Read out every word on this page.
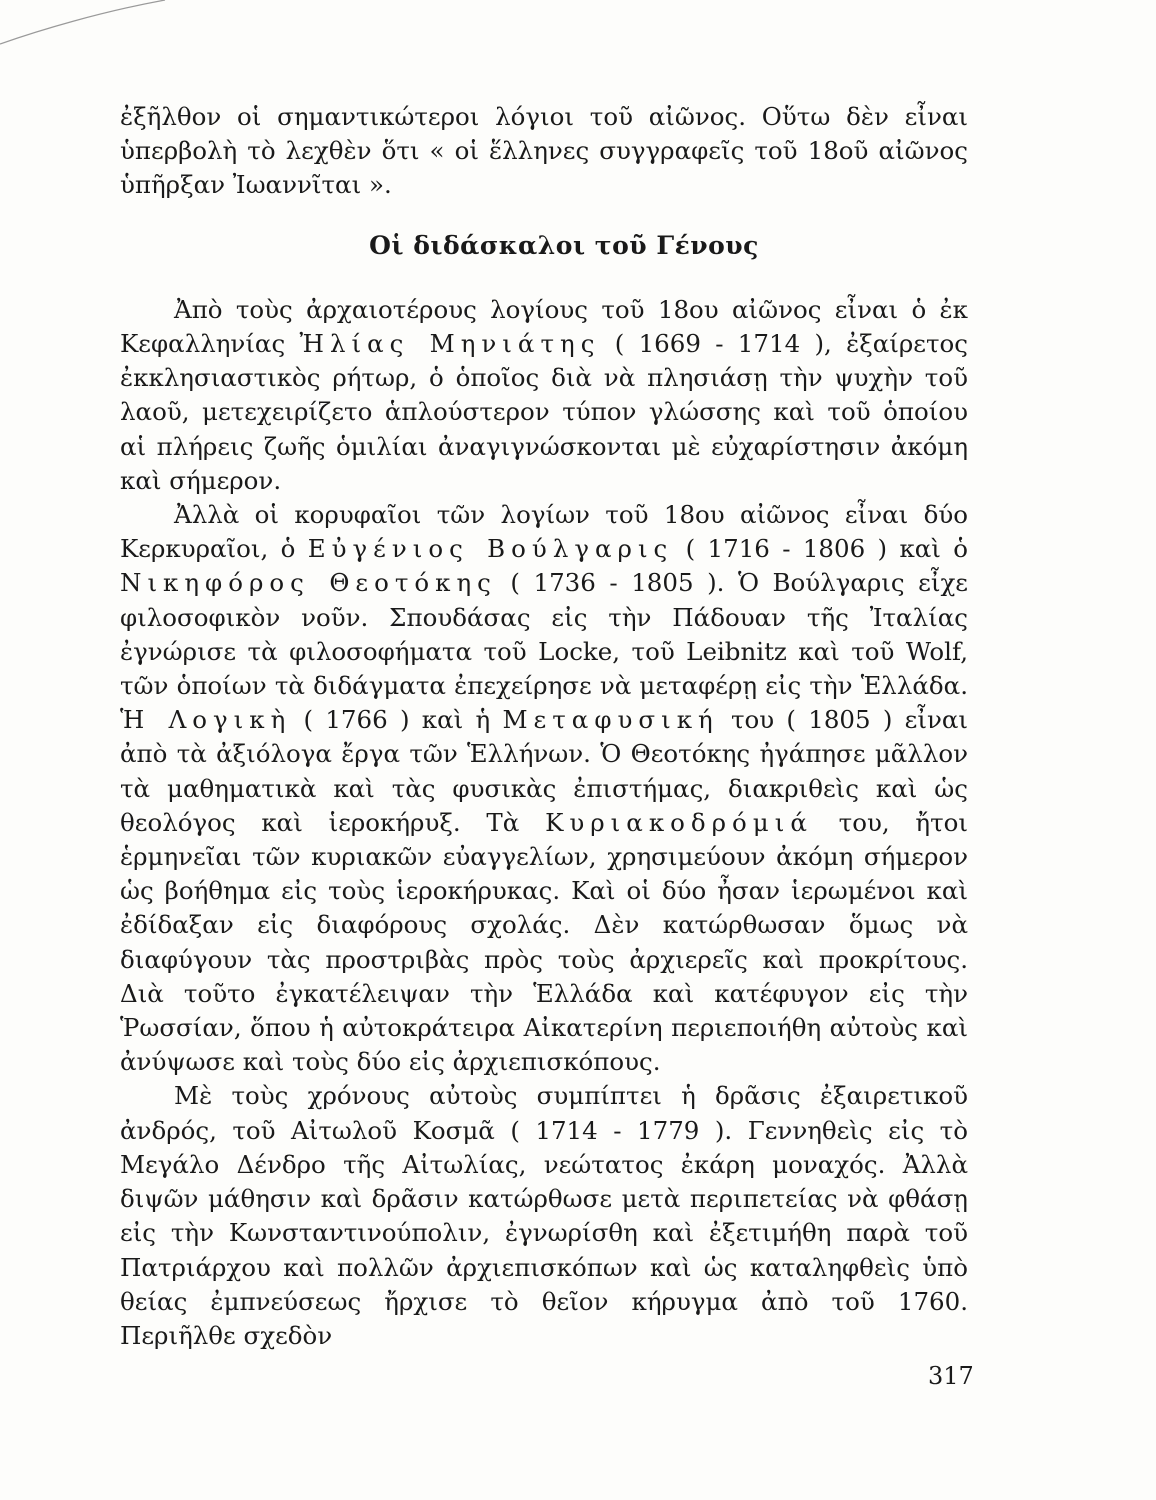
ἐξῆλθον οἱ σημαντικώτεροι λόγιοι τοῦ αἰῶνος. Οὕτω δὲν εἶναι ὑπερβολὴ τὸ λεχθὲν ὅτι « οἱ ἕλληνες συγγραφεῖς τοῦ 18οῦ αἰῶνος ὑπῆρξαν Ἰωαννῖται ».

Οἱ διδάσκαλοι τοῦ Γένους

Ἀπὸ τοὺς ἀρχαιοτέρους λογίους τοῦ 18ου αἰῶνος εἶναι ὁ ἐκ Κεφαλληνίας Ἠλίας Μηνιάτης ( 1669 - 1714 ), ἐξαίρετος ἐκκλησιαστικὸς ρήτωρ, ὁ ὁποῖος διὰ νὰ πλησιάσῃ τὴν ψυχὴν τοῦ λαοῦ, μετεχειρίζετο ἁπλούστερον τύπον γλώσσης καὶ τοῦ ὁποίου αἱ πλήρεις ζωῆς ὁμιλίαι ἀναγιγνώσκονται μὲ εὐχαρίστησιν ἀκόμη καὶ σήμερον.

Ἀλλὰ οἱ κορυφαῖοι τῶν λογίων τοῦ 18ου αἰῶνος εἶναι δύο Κερκυραῖοι, ὁ Εὐγένιος Βούλγαρις ( 1716 - 1806 ) καὶ ὁ Νικηφόρος Θεοτόκης ( 1736 - 1805 ). Ὁ Βούλγαρις εἶχε φιλοσοφικὸν νοῦν. Σπουδάσας εἰς τὴν Πάδουαν τῆς Ἰταλίας ἐγνώρισε τὰ φιλοσοφήματα τοῦ Locke, τοῦ Leibnitz καὶ τοῦ Wolf, τῶν ὁποίων τὰ διδάγματα ἐπεχείρησε νὰ μεταφέρῃ εἰς τὴν Ἑλλάδα. Ἡ Λογικὴ ( 1766 ) καὶ ἡ Μεταφυσική του ( 1805 ) εἶναι ἀπὸ τὰ ἀξιόλογα ἔργα τῶν Ἑλλήνων. Ὁ Θεοτόκης ἠγάπησε μᾶλλον τὰ μαθηματικὰ καὶ τὰς φυσικὰς ἐπιστήμας, διακριθεὶς καὶ ὡς θεολόγος καὶ ἱεροκήρυξ. Τὰ Κυριακοδρόμιά του, ἤτοι ἑρμηνεῖαι τῶν κυριακῶν εὐαγγελίων, χρησιμεύουν ἀκόμη σήμερον ὡς βοήθημα εἰς τοὺς ἱεροκήρυκας. Καὶ οἱ δύο ἦσαν ἱερωμένοι καὶ ἐδίδαξαν εἰς διαφόρους σχολάς. Δὲν κατώρθωσαν ὅμως νὰ διαφύγουν τὰς προστριβὰς πρὸς τοὺς ἀρχιερεῖς καὶ προκρίτους. Διὰ τοῦτο ἐγκατέλειψαν τὴν Ἑλλάδα καὶ κατέφυγον εἰς τὴν Ῥωσσίαν, ὅπου ἡ αὐτοκράτειρα Αἰκατερίνη περιεποιήθη αὐτοὺς καὶ ἀνύψωσε καὶ τοὺς δύο εἰς ἀρχιεπισκόπους.

Μὲ τοὺς χρόνους αὐτοὺς συμπίπτει ἡ δρᾶσις ἐξαιρετικοῦ ἀνδρός, τοῦ Αἰτωλοῦ Κοσμᾶ ( 1714 - 1779 ). Γεννηθεὶς εἰς τὸ Μεγάλο Δένδρο τῆς Αἰτωλίας, νεώτατος ἐκάρη μοναχός. Ἀλλὰ διψῶν μάθησιν καὶ δρᾶσιν κατώρθωσε μετὰ περιπετείας νὰ φθάσῃ εἰς τὴν Κωνσταντινούπολιν, ἐγνωρίσθη καὶ ἐξετιμήθη παρὰ τοῦ Πατριάρχου καὶ πολλῶν ἀρχιεπισκόπων καὶ ὡς καταληφθεὶς ὑπὸ θείας ἐμπνεύσεως ἤρχισε τὸ θεῖον κήρυγμα ἀπὸ τοῦ 1760. Περιῆλθε σχεδὸν

317
